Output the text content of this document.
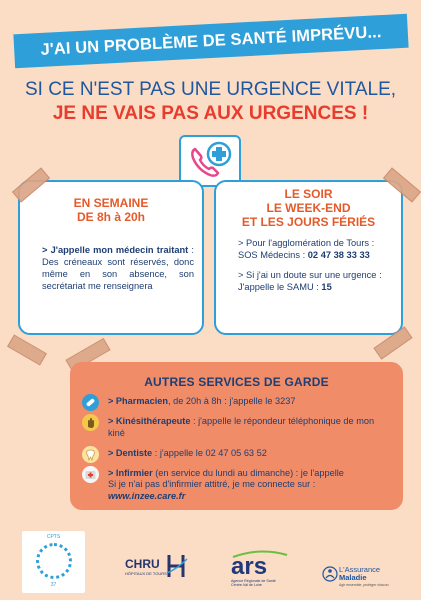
J'AI UN PROBLÈME DE SANTÉ IMPRÉVU...
SI CE N'EST PAS UNE URGENCE VITALE,
JE NE VAIS PAS AUX URGENCES !
EN SEMAINE
DE 8h à 20h

> J'appelle mon médecin traitant : Des créneaux sont réservés, donc même en son absence, son secrétariat me renseignera

LE SOIR
LE WEEK-END
ET LES JOURS FÉRIÉS

> Pour l'agglomération de Tours : SOS Médecins : 02 47 38 33 33

> Si j'ai un doute sur une urgence : J'appelle le SAMU : 15

AUTRES SERVICES DE GARDE
> Pharmacien, de 20h à 8h : j'appelle le 3237
> Kinésithérapeute : j'appelle le répondeur téléphonique de mon kiné
> Dentiste : j'appelle le 02 47 05 63 52
> Infirmier (en service du lundi au dimanche) : je l'appelle
Si je n'ai pas d'infirmier attitré, je me connecte sur :
www.inzee.care.fr
CPTS
37
CHRU
HÔPITAUX DE TOURS	ars
Agence Régionale de Santé
Centre-Val de Loire
L'Assurance
Maladie
Agir ensemble, protéger chacun
